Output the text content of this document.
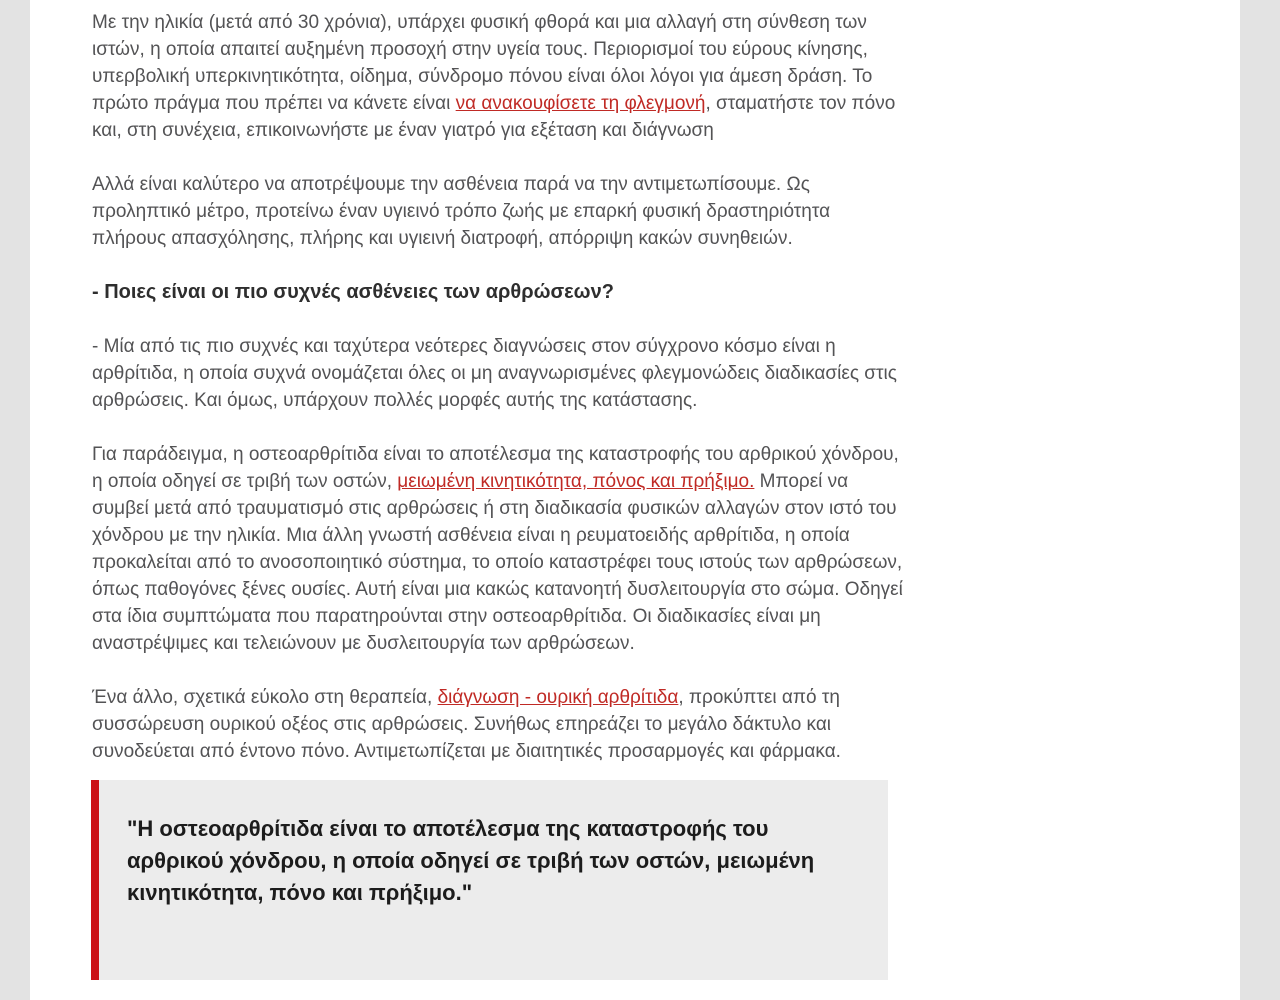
Με την ηλικία (μετά από 30 χρόνια), υπάρχει φυσική φθορά και μια αλλαγή στη σύνθεση των ιστών, η οποία απαιτεί αυξημένη προσοχή στην υγεία τους. Περιορισμοί του εύρους κίνησης, υπερβολική υπερκινητικότητα, οίδημα, σύνδρομο πόνου είναι όλοι λόγοι για άμεση δράση. Το πρώτο πράγμα που πρέπει να κάνετε είναι να ανακουφίσετε τη φλεγμονή, σταματήστε τον πόνο και, στη συνέχεια, επικοινωνήστε με έναν γιατρό για εξέταση και διάγνωση

Αλλά είναι καλύτερο να αποτρέψουμε την ασθένεια παρά να την αντιμετωπίσουμε. Ως προληπτικό μέτρο, προτείνω έναν υγιεινό τρόπο ζωής με επαρκή φυσική δραστηριότητα πλήρους απασχόλησης, πλήρης και υγιεινή διατροφή, απόρριψη κακών συνηθειών.

- Ποιες είναι οι πιο συχνές ασθένειες των αρθρώσεων?

- Μία από τις πιο συχνές και ταχύτερα νεότερες διαγνώσεις στον σύγχρονο κόσμο είναι η αρθρίτιδα, η οποία συχνά ονομάζεται όλες οι μη αναγνωρισμένες φλεγμονώδεις διαδικασίες στις αρθρώσεις. Και όμως, υπάρχουν πολλές μορφές αυτής της κατάστασης.

Για παράδειγμα, η οστεοαρθρίτιδα είναι το αποτέλεσμα της καταστροφής του αρθρικού χόνδρου, η οποία οδηγεί σε τριβή των οστών, μειωμένη κινητικότητα, πόνος και πρήξιμο. Μπορεί να συμβεί μετά από τραυματισμό στις αρθρώσεις ή στη διαδικασία φυσικών αλλαγών στον ιστό του χόνδρου με την ηλικία. Μια άλλη γνωστή ασθένεια είναι η ρευματοειδής αρθρίτιδα, η οποία προκαλείται από το ανοσοποιητικό σύστημα, το οποίο καταστρέφει τους ιστούς των αρθρώσεων, όπως παθογόνες ξένες ουσίες. Αυτή είναι μια κακώς κατανοητή δυσλειτουργία στο σώμα. Οδηγεί στα ίδια συμπτώματα που παρατηρούνται στην οστεοαρθρίτιδα. Οι διαδικασίες είναι μη αναστρέψιμες και τελειώνουν με δυσλειτουργία των αρθρώσεων.

Ένα άλλο, σχετικά εύκολο στη θεραπεία, διάγνωση - ουρική αρθρίτιδα, προκύπτει από τη συσσώρευση ουρικού οξέος στις αρθρώσεις. Συνήθως επηρεάζει το μεγάλο δάκτυλο και συνοδεύεται από έντονο πόνο. Αντιμετωπίζεται με διαιτητικές προσαρμογές και φάρμακα.

"Η οστεοαρθρίτιδα είναι το αποτέλεσμα της καταστροφής του αρθρικού χόνδρου, η οποία οδηγεί σε τριβή των οστών, μειωμένη κινητικότητα, πόνο και πρήξιμο."
